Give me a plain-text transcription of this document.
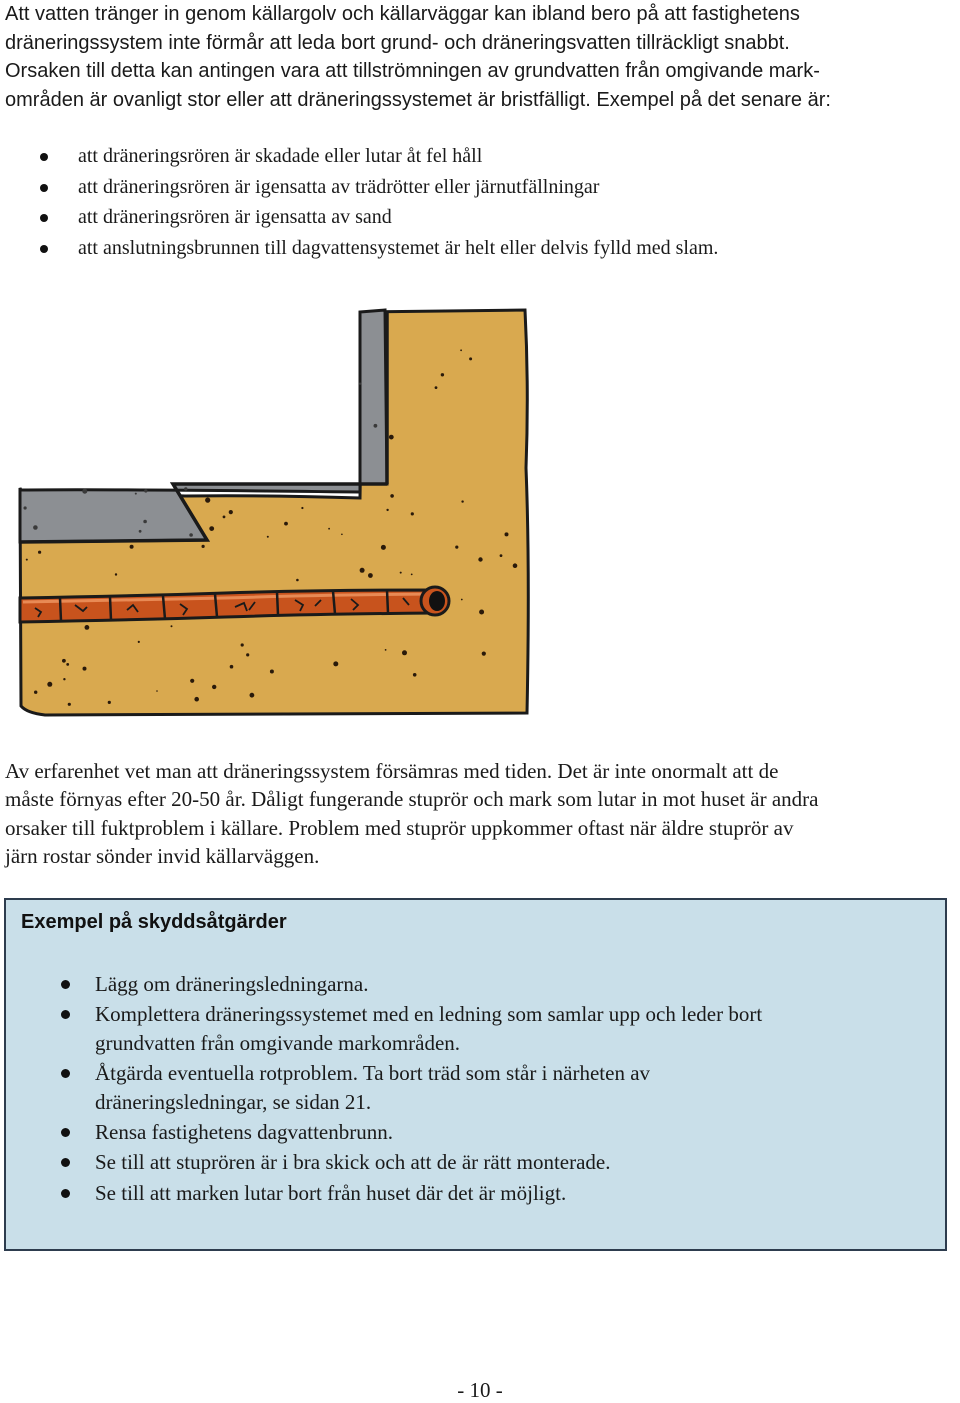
Att vatten tränger in genom källargolv och källarväggar kan ibland bero på att fastighetens
dräneringssystem inte förmår att leda bort grund- och dräneringsvatten tillräckligt snabbt.
Orsaken till detta kan antingen vara att tillströmningen av grundvatten från omgivande mark-
områden är ovanligt stor eller att dräneringssystemet är bristfälligt. Exempel på det senare är:
att dräneringsrören är skadade eller lutar åt fel håll
att dräneringsrören är igensatta av trädrötter eller järnutfällningar
att dräneringsrören är igensatta av sand
att anslutningsbrunnen till dagvattensystemet är helt eller delvis fylld med slam.
Av erfarenhet vet man att dräneringssystem försämras med tiden. Det är inte onormalt att de
måste förnyas efter 20-50 år. Dåligt fungerande stuprör och mark som lutar in mot huset är andra
orsaker till fuktproblem i källare. Problem med stuprör uppkommer oftast när äldre stuprör av
järn rostar sönder invid källarväggen.
Exempel på skyddsåtgärder
Lägg om dräneringsledningarna.
Komplettera dräneringssystemet med en ledning som samlar upp och leder bort
grundvatten från omgivande markområden.
Åtgärda eventuella rotproblem. Ta bort träd som står i närheten av
dräneringsledningar, se sidan 21.
Rensa fastighetens dagvattenbrunn.
Se till att stuprören är i bra skick och att de är rätt monterade.
Se till att marken lutar bort från huset där det är möjligt.
- 10 -
